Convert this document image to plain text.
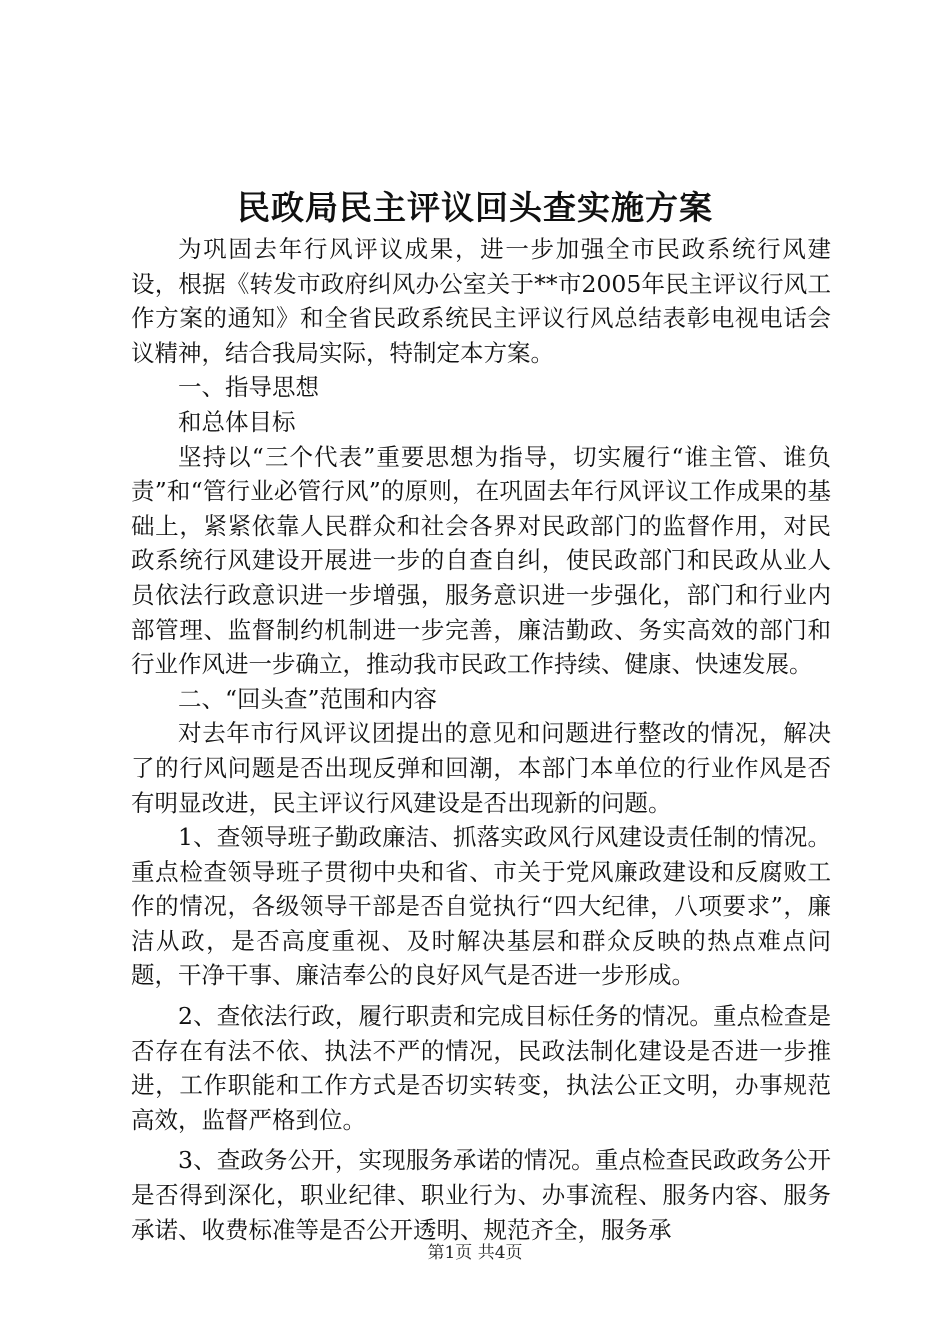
民政局民主评议回头查实施方案

为巩固去年行风评议成果，进一步加强全市民政系统行风建设，根据《转发市政府纠风办公室关于**市2005年民主评议行风工作方案的通知》和全省民政系统民主评议行风总结表彰电视电话会议精神，结合我局实际，特制定本方案。

一、指导思想

和总体目标

坚持以“三个代表”重要思想为指导，切实履行“谁主管、谁负责”和“管行业必管行风”的原则，在巩固去年行风评议工作成果的基础上，紧紧依靠人民群众和社会各界对民政部门的监督作用，对民政系统行风建设开展进一步的自查自纠，使民政部门和民政从业人员依法行政意识进一步增强，服务意识进一步强化，部门和行业内部管理、监督制约机制进一步完善，廉洁勤政、务实高效的部门和行业作风进一步确立，推动我市民政工作持续、健康、快速发展。

二、“回头查”范围和内容

对去年市行风评议团提出的意见和问题进行整改的情况，解决了的行风问题是否出现反弹和回潮，本部门本单位的行业作风是否有明显改进，民主评议行风建设是否出现新的问题。

1、查领导班子勤政廉洁、抓落实政风行风建设责任制的情况。重点检查领导班子贯彻中央和省、市关于党风廉政建设和反腐败工作的情况，各级领导干部是否自觉执行“四大纪律，八项要求”，廉洁从政，是否高度重视、及时解决基层和群众反映的热点难点问题，干净干事、廉洁奉公的良好风气是否进一步形成。

2、查依法行政，履行职责和完成目标任务的情况。重点检查是否存在有法不依、执法不严的情况，民政法制化建设是否进一步推进，工作职能和工作方式是否切实转变，执法公正文明，办事规范高效，监督严格到位。

3、查政务公开，实现服务承诺的情况。重点检查民政政务公开是否得到深化，职业纪律、职业行为、办事流程、服务内容、服务承诺、收费标准等是否公开透明、规范齐全，服务承

第1页 共4页
